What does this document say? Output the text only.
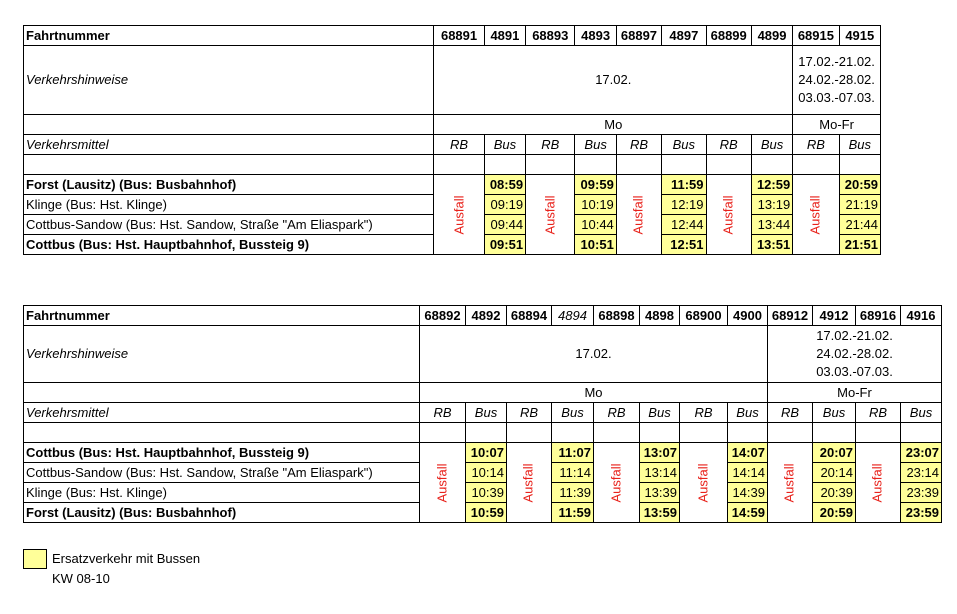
Fahrtnummer	68891	4891	68893	4893	68897	4897	68899	4899	68915	4915
Verkehrshinweise	17.02.								17.02.-21.02.
24.02.-28.02.
03.03.-07.03.	

	Mo								Mo-Fr	
Verkehrsmittel	RB	Bus	RB	Bus	RB	Bus	RB	Bus	RB	Bus

Forst (Lausitz) (Bus: Busbahnhof)	Ausfall	08:59	Ausfall	09:59	Ausfall	11:59	Ausfall	12:59	Ausfall	20:59
Klinge (Bus: Hst. Klinge)		09:19		10:19		12:19		13:19		21:19
Cottbus-Sandow (Bus: Hst. Sandow, Straße "Am Eliaspark")		09:44		10:44		12:44		13:44		21:44
Cottbus (Bus: Hst. Hauptbahnhof, Bussteig 9)		09:51		10:51		12:51		13:51		21:51
Fahrtnummer	68892	4892	68894	4894	68898	4898	68900	4900	68912	4912	68916	4916
Verkehrshinweise	17.02.								17.02.-21.02.
24.02.-28.02.
03.03.-07.03.			

	Mo								Mo-Fr			
Verkehrsmittel	RB	Bus	RB	Bus	RB	Bus	RB	Bus	RB	Bus	RB	Bus

Cottbus (Bus: Hst. Hauptbahnhof, Bussteig 9)	Ausfall	10:07	Ausfall	11:07	Ausfall	13:07	Ausfall	14:07	Ausfall	20:07	Ausfall	23:07
Cottbus-Sandow (Bus: Hst. Sandow, Straße "Am Eliaspark")		10:14		11:14		13:14		14:14		20:14		23:14
Klinge (Bus: Hst. Klinge)		10:39		11:39		13:39		14:39		20:39		23:39
Forst (Lausitz) (Bus: Busbahnhof)		10:59		11:59		13:59		14:59		20:59		23:59
Ersatzverkehr mit Bussen
KW 08-10
